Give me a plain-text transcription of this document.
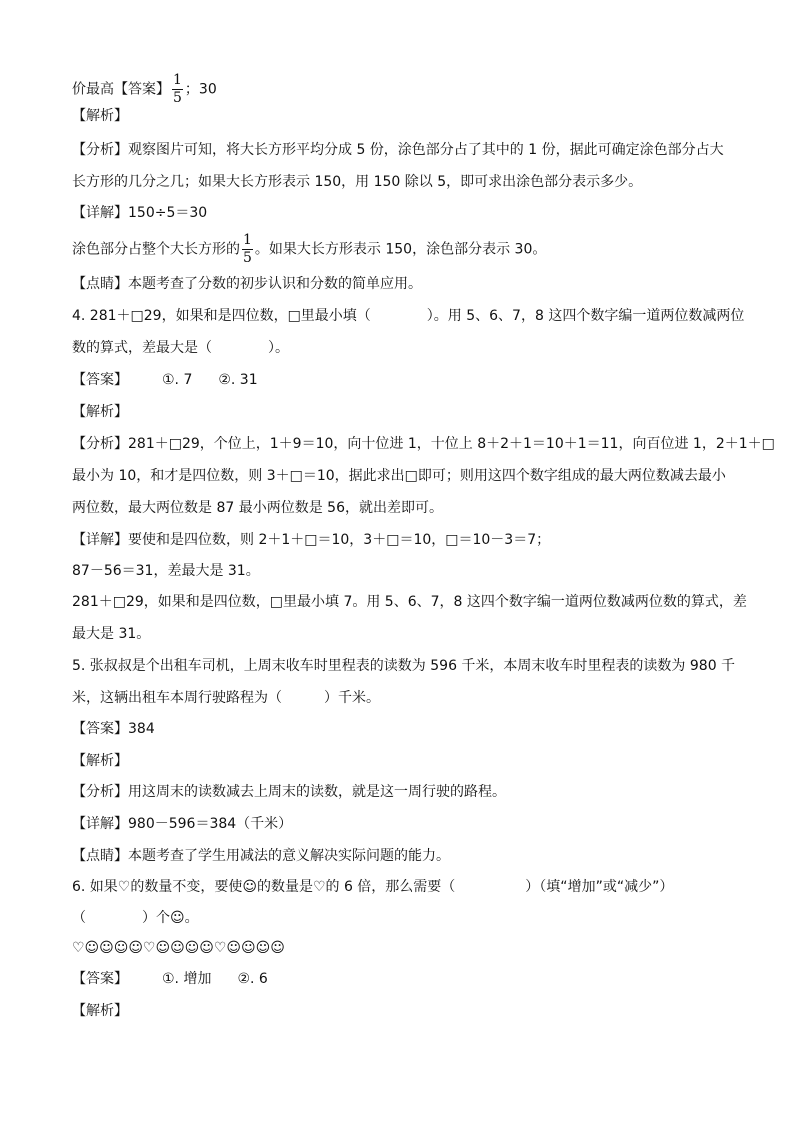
价最高【答案】 $\frac{1}{5}$ ；30
【解析】
【分析】观察图片可知，将大长方形平均分成 5 份，涂色部分占了其中的 1 份，据此可确定涂色部分占大
长方形的几分之几；如果大长方形表示 150，用 150 除以 5，即可求出涂色部分表示多少。
【详解】150÷5＝30
涂色部分占整个大长方形的 $\frac{1}{5}$ 。如果大长方形表示 150，涂色部分表示 30。
【点睛】本题考查了分数的初步认识和分数的简单应用。
4. 281＋□29，如果和是四位数，□里最小填（　　　　）。用 5、6、7，8 这四个数字编一道两位数减两位
数的算式，差最大是（　　　　）。
【答案】 ①. 7 ②. 31
【解析】
【分析】281＋□29，个位上，1＋9＝10，向十位进 1，十位上 8＋2＋1＝10＋1＝11，向百位进 1，2＋1＋□
最小为 10，和才是四位数，则 3＋□＝10，据此求出□即可；则用这四个数字组成的最大两位数减去最小
两位数，最大两位数是 87 最小两位数是 56，就出差即可。
【详解】要使和是四位数，则 2＋1＋□＝10，3＋□＝10，□＝10－3＝7；
87－56＝31，差最大是 31。
281＋□29，如果和是四位数，□里最小填 7。用 5、6、7，8 这四个数字编一道两位数减两位数的算式，差
最大是 31。
5. 张叔叔是个出租车司机，上周末收车时里程表的读数为 596 千米，本周末收车时里程表的读数为 980 千
米，这辆出租车本周行驶路程为（　　　）千米。
【答案】384
【解析】
【分析】用这周末的读数减去上周末的读数，就是这一周行驶的路程。
【详解】980－596＝384（千米）
【点睛】本题考查了学生用减法的意义解决实际问题的能力。
6. 如果♡的数量不变，要使☺的数量是♡的 6 倍，那么需要（　　　　　）（填“增加”或“减少”）
（　　　　）个☺。
♡☺☺☺☺♡☺☺☺☺♡☺☺☺☺
【答案】 ①. 增加 ②. 6
【解析】
